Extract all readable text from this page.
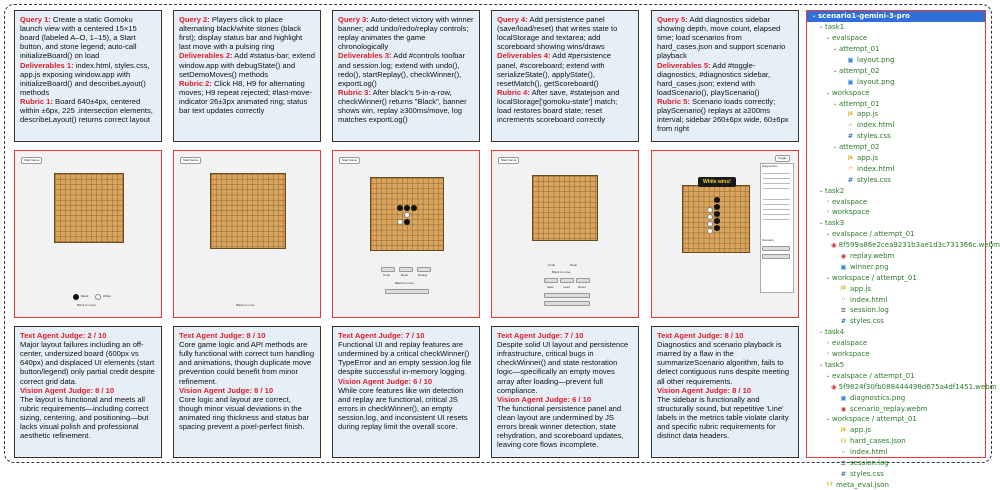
Query 1: Create a static Gomoku launch view with a centered 15×15 board (labeled A–O, 1–15), a Start button, and stone legend; auto-call initializeBoard() on load
Deliverables 1: index.html, styles.css, app.js exposing window.app with initializeBoard() and describeLayout() methods
Rubric 1: Board 640±4px, centered within ±6px, 225 .intersection elements, describeLayout() returns correct layout
Start Game
Black	White
Black to move
Text Agent Judge: 2 / 10
Major layout failures including an off-center, undersized board (600px vs 640px) and displaced UI elements (start button/legend) only partial credit despite correct grid data.
Vision Agent Judge: 8 / 10
The layout is functional and meets all rubric requirements—including correct sizing, centering, and positioning—but lacks visual polish and professional aesthetic refinement.
Query 2: Players click to place alternating black/white stones (black first); display status bar and highlight last move with a pulsing ring
Deliverables 2: Add #status-bar; extend window.app with debugState() and setDemoMoves() methods
Rubric 2: Click H8, H9 for alternating moves; H9 repeat rejected; #last-move-indicator 26±3px animated ring; status bar text updates correctly
Start Game
Black to move
Text Agent Judge: 8 / 10
Core game logic and API methods are fully functional with correct turn handling and animations, though duplicate move prevention could benefit from minor refinement.
Vision Agent Judge: 8 / 10
Core logic and layout are correct, though minor visual deviations in the animated ring thickness and status bar spacing prevent a pixel-perfect finish.
Query 3: Auto-detect victory with winner banner; add undo/redo/replay controls; replay animates the game chronologically
Deliverables 3: Add #controls toolbar and session.log; extend with undo(), redo(), startReplay(), checkWinner(), exportLog()
Rubric 3: After black's 5-in-a-row, checkWinner() returns "Black", banner shows win, replay ≥300ms/move, log matches exportLog()
Start Game
Undo	Redo	Replay
Black to move
Text Agent Judge: 7 / 10
Functional UI and replay features are undermined by a critical checkWinner() TypeError and an empty session.log file despite successful in-memory logging.
Vision Agent Judge: 6 / 10
While core features like win detection and replay are functional, critical JS errors in checkWinner(), an empty session.log, and inconsistent UI resets during replay limit the overall score.
Query 4: Add persistence panel (save/load/reset) that writes state to localStorage and textarea; add scoreboard showing wins/draws
Deliverables 4: Add #persistence panel, #scoreboard; extend with serializeState(), applyState(), resetMatch(), getScoreboard()
Rubric 4: After save, #statejson and localStorage['gomoku-state'] match; load restores board state; reset increments scoreboard correctly
Start Game
Undo	Redo
Black to move
Save	Load	Reset
Text Agent Judge: 7 / 10
Despite solid UI layout and persistence infrastructure, critical bugs in checkWinner() and state restoration logic—specifically an empty moves array after loading—prevent full compliance.
Vision Agent Judge: 6 / 10
The functional persistence panel and clean layout are undermined by JS errors break winner detection, state rehydration, and scoreboard updates, leaving core flows incomplete.
Query 5: Add diagnostics sidebar showing depth, move count, elapsed time; load scenarios from hard_cases.json and support scenario playback
Deliverables 5: Add #toggle-diagnostics, #diagnostics sidebar, hard_cases.json; extend with loadScenario(), playScenario()
Rubric 5: Scenario loads correctly; playScenario() replays at ≥200ms interval; sidebar 260±6px wide, 60±6px from right
White wins!
Toggle
Diagnostics
Scenario
Text Agent Judge: 8 / 10
Diagnostics and scenario playback is marred by a flaw in the summarizeScenario algorithm, fails to detect contiguous runs despite meeting all other requirements.
Vision Agent Judge: 8 / 10
The sidebar is functionally and structurally sound, but repetitive 'Line' labels in the metrics table violate clarity and specific rubric requirements for distinct data headers.
⌄ scenario1-gemini-3-pro
⌄ task1
⌄ evalspace
⌄ attempt_01
▣ layout.png
⌄ attempt_02
▣ layout.png
⌄ workspace
⌄ attempt_01
JS app.js
‹› index.html
# styles.css
⌄ attempt_02
JS app.js
‹› index.html
# styles.css
⌄ task2
› evalspace
› workspace
⌄ task3
⌄ evalspace / attempt_01
◉ 8f599a86e2cea9231b3ae1d3c731366c.webm
◉ replay.webm
▣ winner.png
⌄ workspace / attempt_01
JS app.js
‹› index.html
≡ session.log
# styles.css
⌄ task4
› evalspace
› workspace
⌄ task5
⌄ evalspace / attempt_01
◉ 5f9824f30fb088444498d675a4df1451.webm
▣ diagnostics.png
◉ scenario_replay.webm
⌄ workspace / attempt_01
JS app.js
{} hard_cases.json
‹› index.html
≡ session.log
# styles.css
{} meta_eval.json
